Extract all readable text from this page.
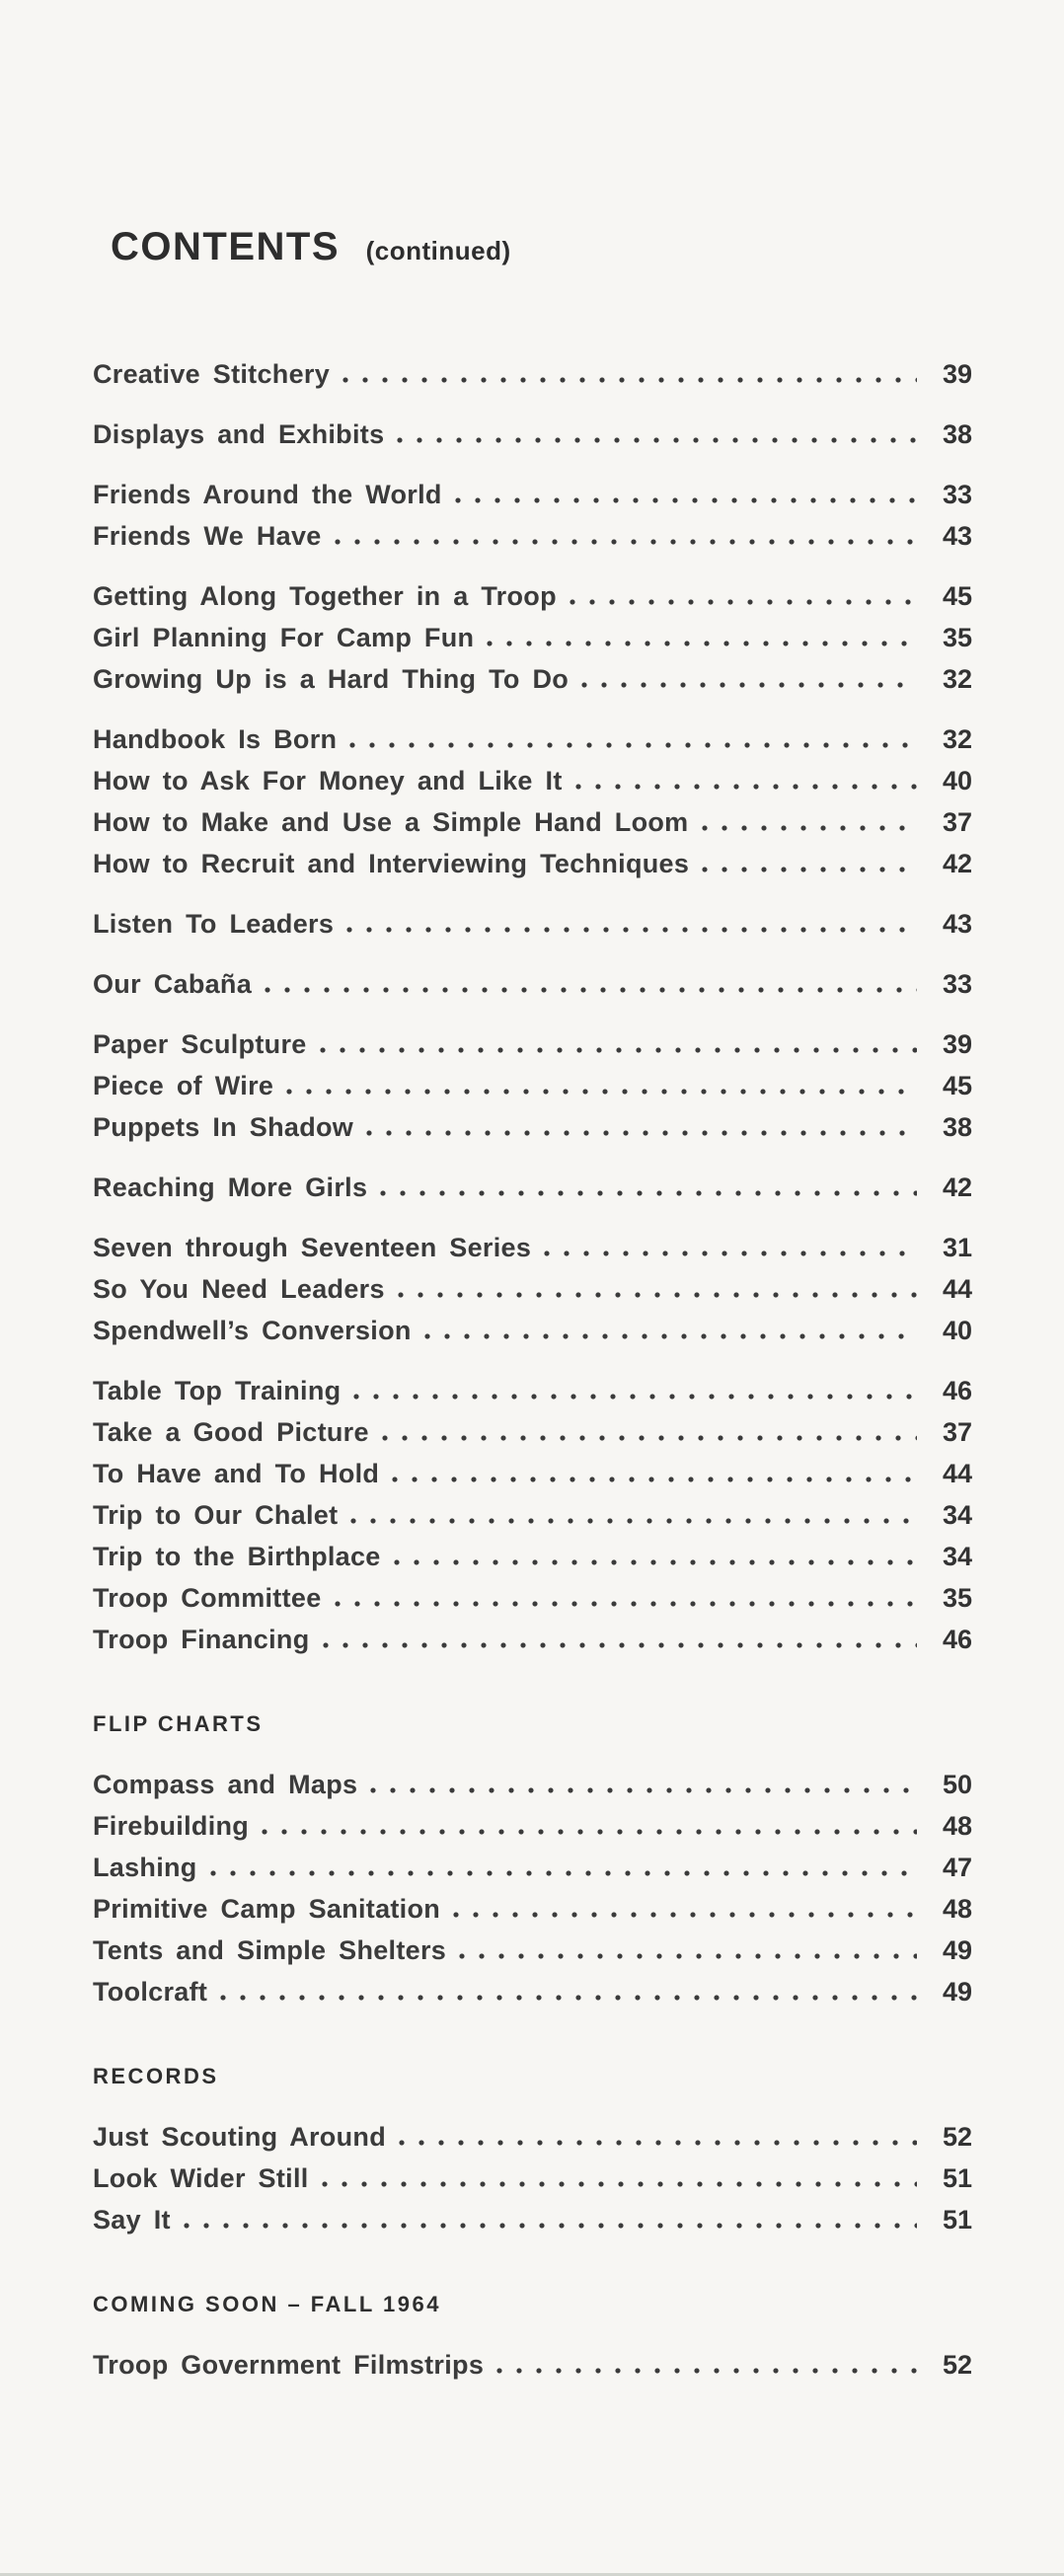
CONTENTS (continued)
Creative Stitchery	39
Displays and Exhibits	38
Friends Around the World	33
Friends We Have	43
Getting Along Together in a Troop	45
Girl Planning For Camp Fun	35
Growing Up is a Hard Thing To Do	32
Handbook Is Born	32
How to Ask For Money and Like It	40
How to Make and Use a Simple Hand Loom	37
How to Recruit and Interviewing Techniques	42
Listen To Leaders	43
Our Cabaña	33
Paper Sculpture	39
Piece of Wire	45
Puppets In Shadow	38
Reaching More Girls	42
Seven through Seventeen Series	31
So You Need Leaders	44
Spendwell’s Conversion	40
Table Top Training	46
Take a Good Picture	37
To Have and To Hold	44
Trip to Our Chalet	34
Trip to the Birthplace	34
Troop Committee	35
Troop Financing	46
FLIP CHARTS
Compass and Maps	50
Firebuilding	48
Lashing	47
Primitive Camp Sanitation	48
Tents and Simple Shelters	49
Toolcraft	49
RECORDS
Just Scouting Around	52
Look Wider Still	51
Say It	51
COMING SOON – FALL 1964
Troop Government Filmstrips	52
